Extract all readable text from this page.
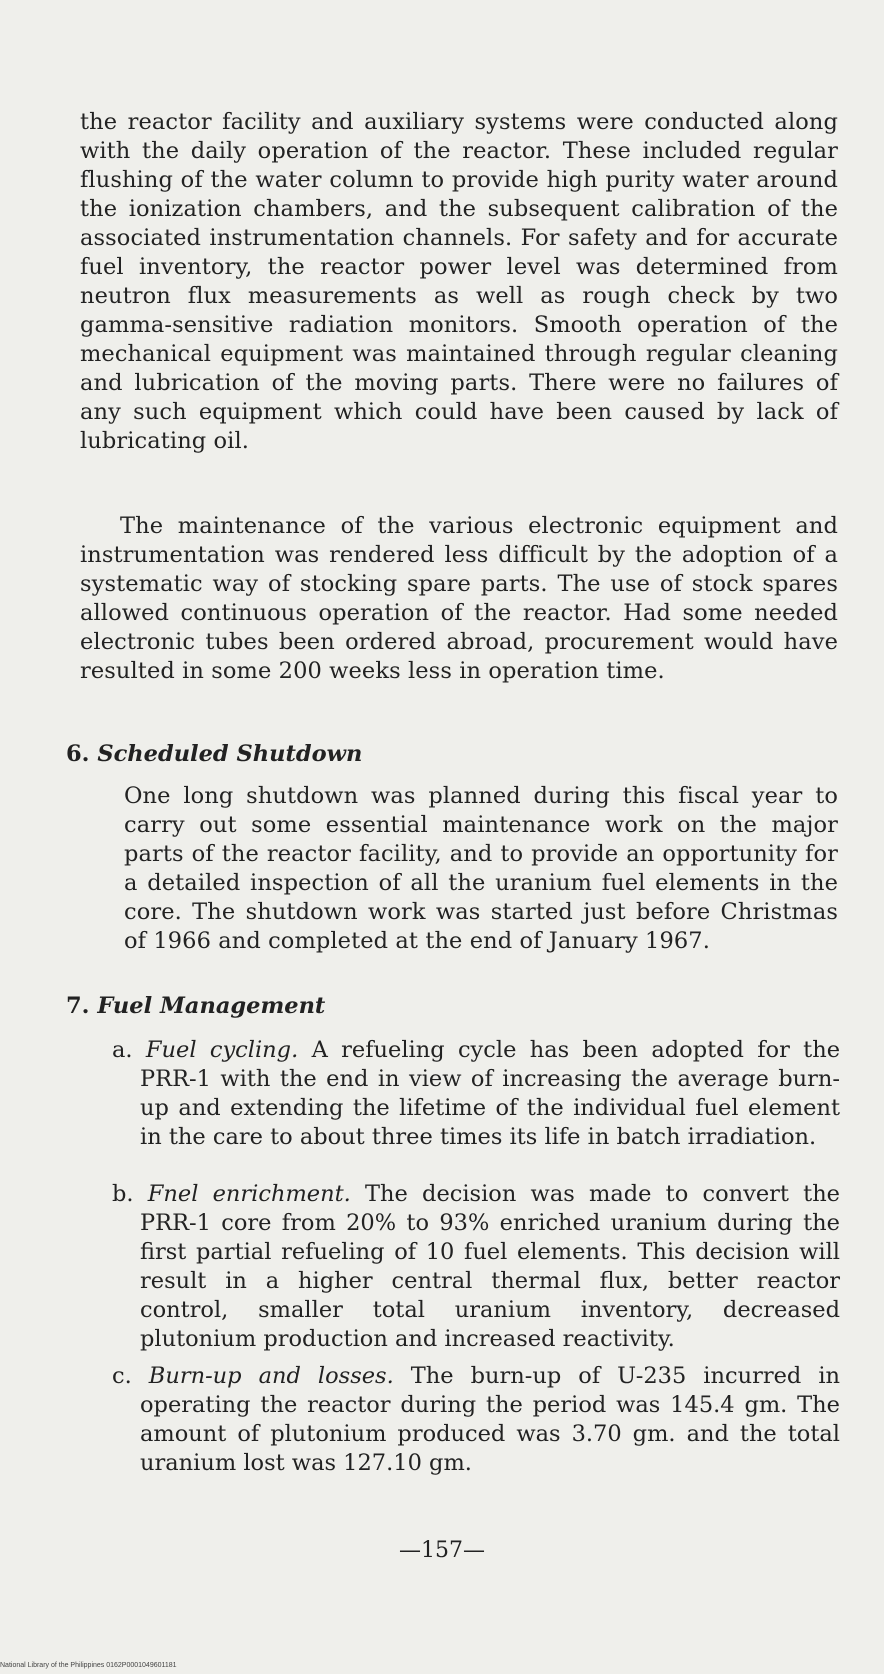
the reactor facility and auxiliary systems were conducted along with the daily operation of the reactor. These included regular flushing of the water column to provide high purity water around the ionization chambers, and the subsequent calibration of the associated instrumentation channels. For safety and for accurate fuel inventory, the reactor power level was determined from neutron flux measurements as well as rough check by two gamma-sensitive radiation monitors. Smooth operation of the mechanical equipment was maintained through regular cleaning and lubrication of the moving parts. There were no failures of any such equipment which could have been caused by lack of lubricating oil.

The maintenance of the various electronic equipment and instrumentation was rendered less difficult by the adoption of a systematic way of stocking spare parts. The use of stock spares allowed continuous operation of the reactor. Had some needed electronic tubes been ordered abroad, procurement would have resulted in some 200 weeks less in operation time.

6. Scheduled Shutdown

One long shutdown was planned during this fiscal year to carry out some essential maintenance work on the major parts of the reactor facility, and to provide an opportunity for a detailed inspection of all the uranium fuel elements in the core. The shutdown work was started just before Christmas of 1966 and completed at the end of January 1967.

7. Fuel Management
a. Fuel cycling. A refueling cycle has been adopted for the PRR-1 with the end in view of increasing the average burn-up and extending the lifetime of the individual fuel element in the care to about three times its life in batch irradiation.
b. Fnel enrichment. The decision was made to convert the PRR-1 core from 20% to 93% enriched uranium during the first partial refueling of 10 fuel elements. This decision will result in a higher central thermal flux, better reactor control, smaller total uranium inventory, decreased plutonium production and increased reactivity.
c. Burn-up and losses. The burn-up of U-235 incurred in operating the reactor during the period was 145.4 gm. The amount of plutonium produced was 3.70 gm. and the total uranium lost was 127.10 gm.

—157—

National Library of the Philippines 0162P0001049601181
